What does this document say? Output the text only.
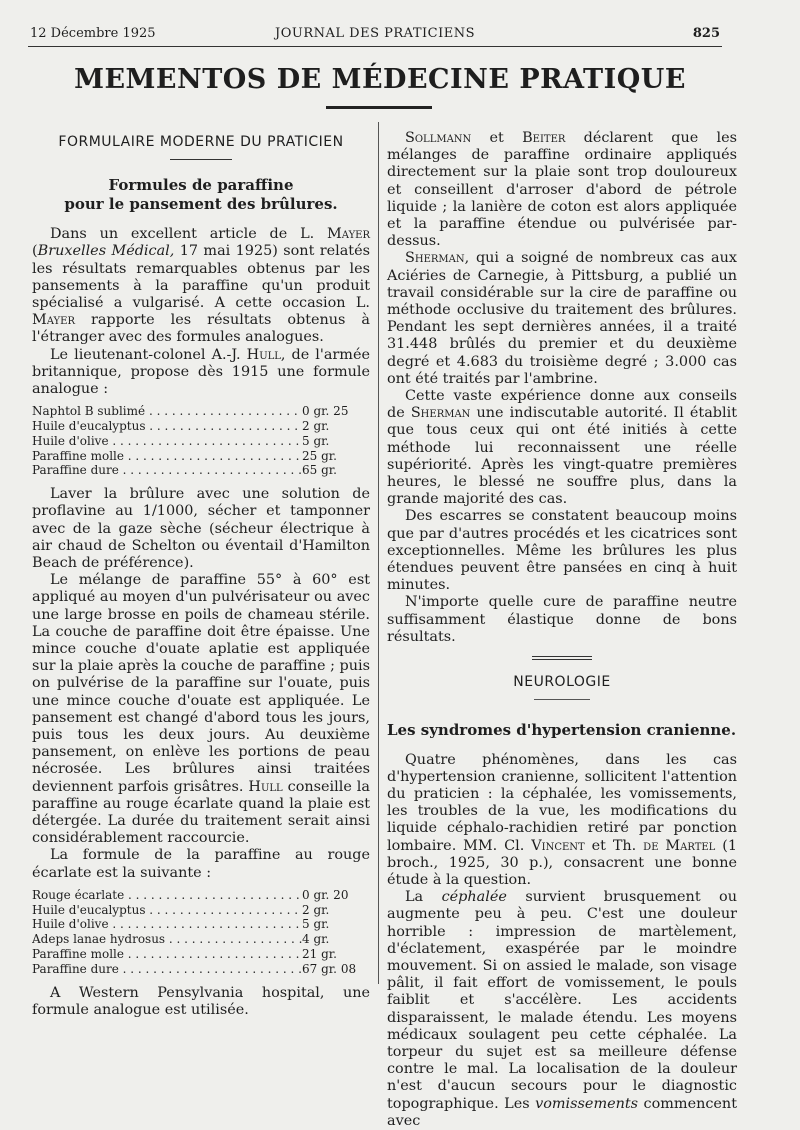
12 Décembre 1925	JOURNAL DES PRATICIENS	825
MEMENTOS DE MÉDECINE PRATIQUE
FORMULAIRE MODERNE DU PRATICIEN
Formules de paraffine
pour le pansement des brûlures.

Dans un excellent article de L. Mayer (Bruxelles Médical, 17 mai 1925) sont relatés les résultats remarquables obtenus par les pansements à la paraffine qu'un produit spécialisé a vulgarisé. A cette occasion L. Mayer rapporte les résultats obtenus à l'étranger avec des formules analogues.

Le lieutenant-colonel A.-J. Hull, de l'armée britannique, propose dès 1915 une formule analogue :

Naphtol B sublimé . . .	0 gr. 25
Huile d'eucalyptus . . .	2 gr.
Huile d'olive . . .	5 gr.
Paraffine molle . . .	25 gr.
Paraffine dure . . .	65 gr.

Laver la brûlure avec une solution de proflavine au 1/1000, sécher et tamponner avec de la gaze sèche (sécheur électrique à air chaud de Schelton ou éventail d'Hamilton Beach de préférence).

Le mélange de paraffine 55° à 60° est appliqué au moyen d'un pulvérisateur ou avec une large brosse en poils de chameau stérile. La couche de paraffine doit être épaisse. Une mince couche d'ouate aplatie est appliquée sur la plaie après la couche de paraffine ; puis on pulvérise de la paraffine sur l'ouate, puis une mince couche d'ouate est appliquée. Le pansement est changé d'abord tous les jours, puis tous les deux jours. Au deuxième pansement, on enlève les portions de peau nécrosée. Les brûlures ainsi traitées deviennent parfois grisâtres. Hull conseille la paraffine au rouge écarlate quand la plaie est détergée. La durée du traitement serait ainsi considérablement raccourcie.

La formule de la paraffine au rouge écarlate est la suivante :

Rouge écarlate . . .	0 gr. 20
Huile d'eucalyptus . . .	2 gr.
Huile d'olive . . .	5 gr.
Adeps lanae hydrosus . . .	4 gr.
Paraffine molle . . .	21 gr.
Paraffine dure . . .	67 gr. 08

A Western Pensylvania hospital, une formule analogue est utilisée.

Sollmann et Beiter déclarent que les mélanges de paraffine ordinaire appliqués directement sur la plaie sont trop douloureux et conseillent d'arroser d'abord de pétrole liquide ; la lanière de coton est alors appliquée et la paraffine étendue ou pulvérisée par-dessus.

Sherman, qui a soigné de nombreux cas aux Aciéries de Carnegie, à Pittsburg, a publié un travail considérable sur la cire de paraffine ou méthode occlusive du traitement des brûlures. Pendant les sept dernières années, il a traité 31.448 brûlés du premier et du deuxième degré et 4.683 du troisième degré ; 3.000 cas ont été traités par l'ambrine.

Cette vaste expérience donne aux conseils de Sherman une indiscutable autorité. Il établit que tous ceux qui ont été initiés à cette méthode lui reconnaissent une réelle supériorité. Après les vingt-quatre premières heures, le blessé ne souffre plus, dans la grande majorité des cas.

Des escarres se constatent beaucoup moins que par d'autres procédés et les cicatrices sont exceptionnelles. Même les brûlures les plus étendues peuvent être pansées en cinq à huit minutes.

N'importe quelle cure de paraffine neutre suffisamment élastique donne de bons résultats.

NEUROLOGIE
Les syndromes d'hypertension cranienne.

Quatre phénomènes, dans les cas d'hypertension cranienne, sollicitent l'attention du praticien : la céphalée, les vomissements, les troubles de la vue, les modifications du liquide céphalo-rachidien retiré par ponction lombaire. MM. Cl. Vincent et Th. de Martel (1 broch., 1925, 30 p.), consacrent une bonne étude à la question.

La céphalée survient brusquement ou augmente peu à peu. C'est une douleur horrible : impression de martèlement, d'éclatement, exaspérée par le moindre mouvement. Si on assied le malade, son visage pâlit, il fait effort de vomissement, le pouls faiblit et s'accélère. Les accidents disparaissent, le malade étendu. Les moyens médicaux soulagent peu cette céphalée. La torpeur du sujet est sa meilleure défense contre le mal. La localisation de la douleur n'est d'aucun secours pour le diagnostic topographique. Les vomissements commencent avec
